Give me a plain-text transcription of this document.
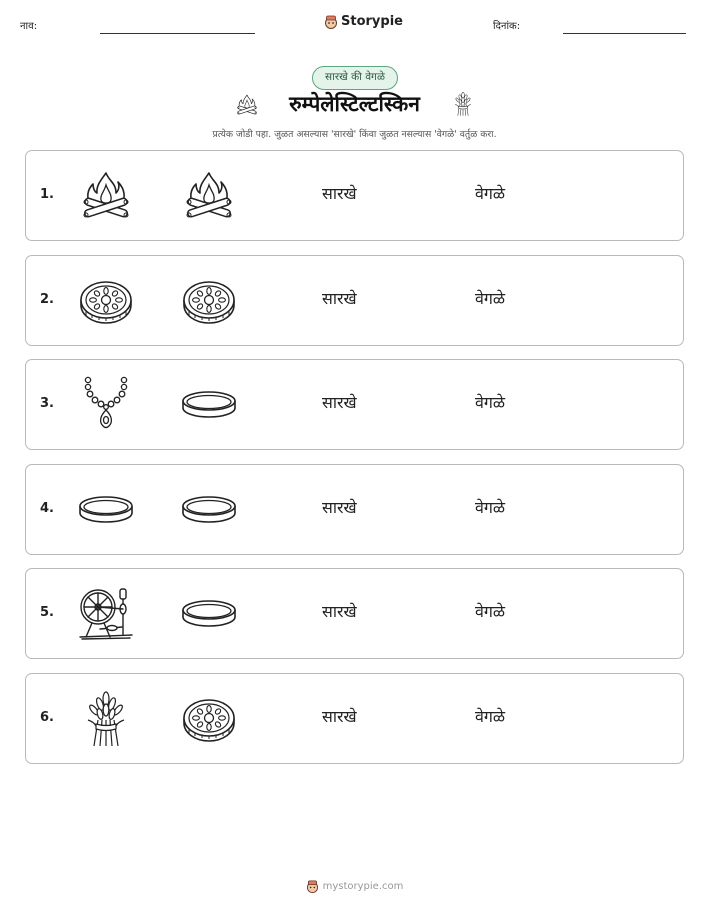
नाव:	Storypie	दिनांक:
सारखे की वेगळे
रुम्पेलेस्टिल्टस्किन
प्रत्येक जोडी पहा. जुळत असल्यास 'सारखे' किंवा जुळत नसल्यास 'वेगळे' वर्तुळ करा.
1.	सारखे	वेगळे
2.	सारखे	वेगळे
3.	सारखे	वेगळे
4.	सारखे	वेगळे
5.	सारखे	वेगळे
6.	सारखे	वेगळे
mystorypie.com
